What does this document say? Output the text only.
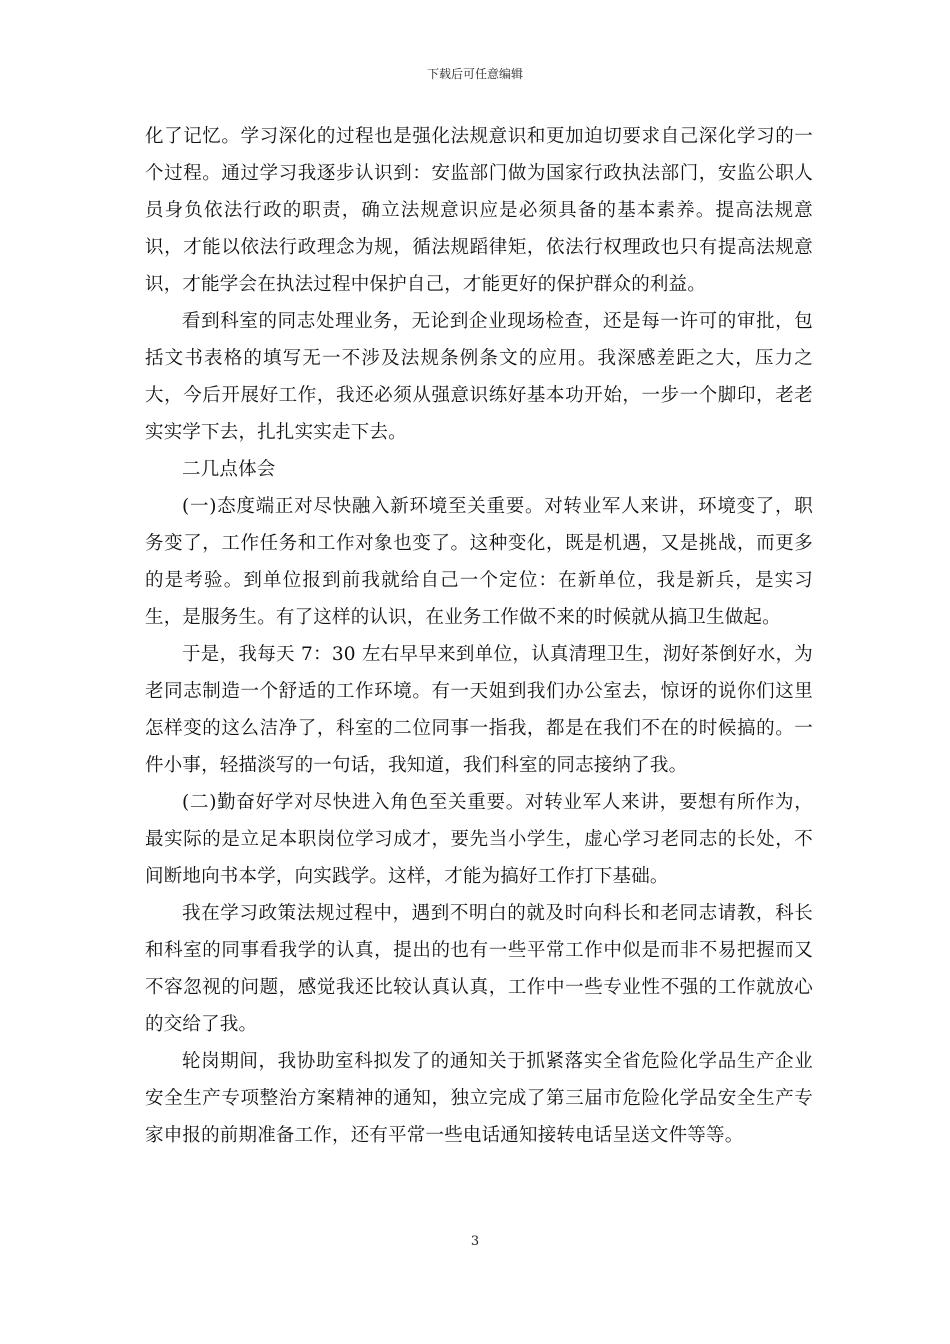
下载后可任意编辑

化了记忆。学习深化的过程也是强化法规意识和更加迫切要求自己深化学习的一个过程。通过学习我逐步认识到：安监部门做为国家行政执法部门，安监公职人员身负依法行政的职责，确立法规意识应是必须具备的基本素养。提高法规意识，才能以依法行政理念为规，循法规蹈律矩，依法行权理政也只有提高法规意识，才能学会在执法过程中保护自己，才能更好的保护群众的利益。

看到科室的同志处理业务，无论到企业现场检查，还是每一许可的审批，包括文书表格的填写无一不涉及法规条例条文的应用。我深感差距之大，压力之大，今后开展好工作，我还必须从强意识练好基本功开始，一步一个脚印，老老实实学下去，扎扎实实走下去。

二几点体会

(一)态度端正对尽快融入新环境至关重要。对转业军人来讲，环境变了，职务变了，工作任务和工作对象也变了。这种变化，既是机遇，又是挑战，而更多的是考验。到单位报到前我就给自己一个定位：在新单位，我是新兵，是实习生，是服务生。有了这样的认识，在业务工作做不来的时候就从搞卫生做起。

于是，我每天 7：30 左右早早来到单位，认真清理卫生，沏好茶倒好水，为老同志制造一个舒适的工作环境。有一天姐到我们办公室去，惊讶的说你们这里怎样变的这么洁净了，科室的二位同事一指我，都是在我们不在的时候搞的。一件小事，轻描淡写的一句话，我知道，我们科室的同志接纳了我。

(二)勤奋好学对尽快进入角色至关重要。对转业军人来讲，要想有所作为，最实际的是立足本职岗位学习成才，要先当小学生，虚心学习老同志的长处，不间断地向书本学，向实践学。这样，才能为搞好工作打下基础。

我在学习政策法规过程中，遇到不明白的就及时向科长和老同志请教，科长和科室的同事看我学的认真，提出的也有一些平常工作中似是而非不易把握而又不容忽视的问题，感觉我还比较认真认真，工作中一些专业性不强的工作就放心的交给了我。

轮岗期间，我协助室科拟发了的通知关于抓紧落实全省危险化学品生产企业安全生产专项整治方案精神的通知，独立完成了第三届市危险化学品安全生产专家申报的前期准备工作，还有平常一些电话通知接转电话呈送文件等等。

3
